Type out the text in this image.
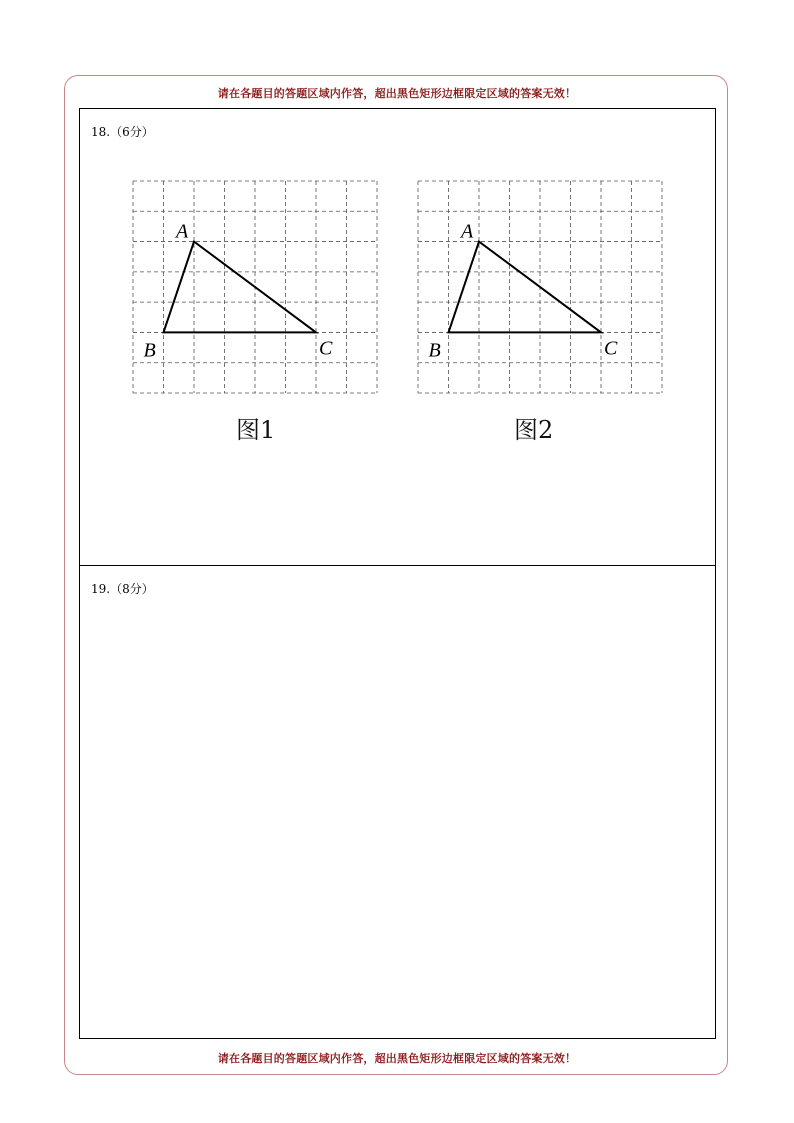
请在各题目的答题区域内作答，超出黑色矩形边框限定区域的答案无效！
18.（6分）
A
B	C
图1
A
B	C
图2
19.（8分）
请在各题目的答题区域内作答，超出黑色矩形边框限定区域的答案无效！
